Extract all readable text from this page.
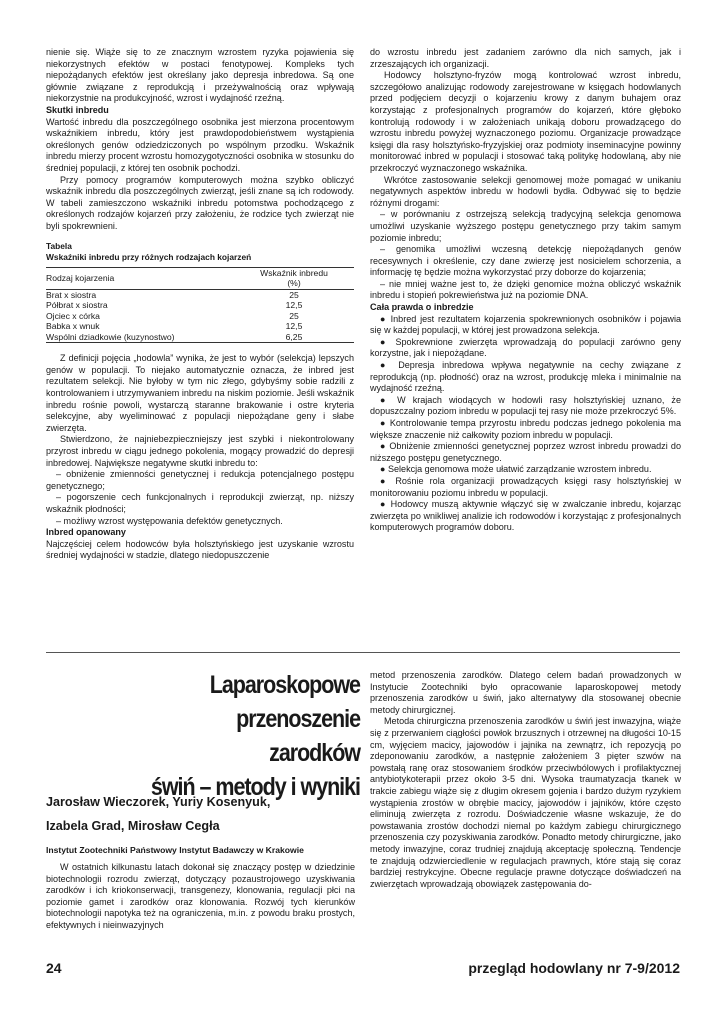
nienie się. Wiąże się to ze znacznym wzrostem ryzyka pojawienia się niekorzystnych efektów w postaci fenotypowej. Kompleks tych niepożądanych efektów jest określany jako depresja inbredowa. Są one głównie związane z reprodukcją i przeżywalnością oraz wpływają niekorzystnie na produkcyjność, wzrost i wydajność rzeźną.

Skutki inbredu

Wartość inbredu dla poszczególnego osobnika jest mierzona procentowym wskaźnikiem inbredu, który jest prawdopodobieństwem wystąpienia określonych genów odziedziczonych po wspólnym przodku. Wskaźnik inbredu mierzy procent wzrostu homozygotyczności osobnika w stosunku do średniej populacji, z której ten osobnik pochodzi.

Przy pomocy programów komputerowych można szybko obliczyć wskaźnik inbredu dla poszczególnych zwierząt, jeśli znane są ich rodowody. W tabeli zamieszczono wskaźniki inbredu potomstwa pochodzącego z określonych rodzajów kojarzeń przy założeniu, że rodzice tych zwierząt nie byli spokrewnieni.

Tabela

Wskaźniki inbredu przy różnych rodzajach kojarzeń

Rodzaj kojarzenia	Wskaźnik inbredu
(%)

Brat x siostra	25
Półbrat x siostra	12,5
Ojciec x córka	25
Babka x wnuk	12,5
Wspólni dziadkowie (kuzynostwo)	6,25

Z definicji pojęcia „hodowla” wynika, że jest to wybór (selekcja) lepszych genów w populacji. To niejako automatycznie oznacza, że inbred jest rezultatem selekcji. Nie byłoby w tym nic złego, gdybyśmy sobie radzili z kontrolowaniem i utrzymywaniem inbredu na niskim poziomie. Jeśli wskaźnik inbredu rośnie powoli, wystarczą staranne brakowanie i ostre kryteria selekcyjne, aby wyeliminować z populacji niepożądane geny i słabe zwierzęta.

Stwierdzono, że najniebezpieczniejszy jest szybki i niekontrolowany przyrost inbredu w ciągu jednego pokolenia, mogący prowadzić do depresji inbredowej. Największe negatywne skutki inbredu to:

– obniżenie zmienności genetycznej i redukcja potencjalnego postępu genetycznego;

– pogorszenie cech funkcjonalnych i reprodukcji zwierząt, np. niższy wskaźnik płodności;

– możliwy wzrost występowania defektów genetycznych.

Inbred opanowany

Najczęściej celem hodowców była holsztyńskiego jest uzyskanie wzrostu średniej wydajności w stadzie, dlatego niedopuszczenie

do wzrostu inbredu jest zadaniem zarówno dla nich samych, jak i zrzeszających ich organizacji.

Hodowcy holsztyno-fryzów mogą kontrolować wzrost inbredu, szczegółowo analizując rodowody zarejestrowane w księgach hodowlanych przed podjęciem decyzji o kojarzeniu krowy z danym buhajem oraz korzystając z profesjonalnych programów do kojarzeń, które głęboko kontrolują rodowody i w założeniach unikają doboru prowadzącego do wzrostu inbredu powyżej wyznaczonego poziomu. Organizacje prowadzące księgi dla rasy holsztyńsko-fryzyjskiej oraz podmioty inseminacyjne powinny monitorować inbred w populacji i stosować taką politykę hodowlaną, aby nie przekroczyć wyznaczonego wskaźnika.

Wkrótce zastosowanie selekcji genomowej może pomagać w unikaniu negatywnych aspektów inbredu w hodowli bydła. Odbywać się to będzie różnymi drogami:

– w porównaniu z ostrzejszą selekcją tradycyjną selekcja genomowa umożliwi uzyskanie wyższego postępu genetycznego przy takim samym poziomie inbredu;

– genomika umożliwi wczesną detekcję niepożądanych genów recesywnych i określenie, czy dane zwierzę jest nosicielem schorzenia, a informację tę będzie można wykorzystać przy doborze do kojarzenia;

– nie mniej ważne jest to, że dzięki genomice można obliczyć wskaźnik inbredu i stopień pokrewieństwa już na poziomie DNA.

Cała prawda o inbredzie

● Inbred jest rezultatem kojarzenia spokrewnionych osobników i pojawia się w każdej populacji, w której jest prowadzona selekcja.

● Spokrewnione zwierzęta wprowadzają do populacji zarówno geny korzystne, jak i niepożądane.

● Depresja inbredowa wpływa negatywnie na cechy związane z reprodukcją (np. płodność) oraz na wzrost, produkcję mleka i minimalnie na wydajność rzeźną.

● W krajach wiodących w hodowli rasy holsztyńskiej uznano, że dopuszczalny poziom inbredu w populacji tej rasy nie może przekroczyć 5%.

● Kontrolowanie tempa przyrostu inbredu podczas jednego pokolenia ma większe znaczenie niż całkowity poziom inbredu w populacji.

● Obniżenie zmienności genetycznej poprzez wzrost inbredu prowadzi do niższego postępu genetycznego.

● Selekcja genomowa może ułatwić zarządzanie wzrostem inbredu.

● Rośnie rola organizacji prowadzących księgi rasy holsztyńskiej w monitorowaniu poziomu inbredu w populacji.

● Hodowcy muszą aktywnie włączyć się w zwalczanie inbredu, kojarząc zwierzęta po wnikliwej analizie ich rodowodów i korzystając z profesjonalnych komputerowych programów doboru.

Laparoskopowe
przenoszenie zarodków
świń – metody i wyniki
Jarosław Wieczorek, Yuriy Kosenyuk,
Izabela Grad, Mirosław Cegła
Instytut Zootechniki Państwowy Instytut Badawczy w Krakowie

W ostatnich kilkunastu latach dokonał się znaczący postęp w dziedzinie biotechnologii rozrodu zwierząt, dotyczący pozaustrojowego uzyskiwania zarodków i ich kriokonserwacji, transgenezy, klonowania, regulacji płci na poziomie gamet i zarodków oraz klonowania. Rozwój tych kierunków biotechnologii napotyka też na ograniczenia, m.in. z powodu braku prostych, efektywnych i nieinwazyjnych

metod przenoszenia zarodków. Dlatego celem badań prowadzonych w Instytucie Zootechniki było opracowanie laparoskopowej metody przenoszenia zarodków u świń, jako alternatywy dla stosowanej obecnie metody chirurgicznej.

Metoda chirurgiczna przenoszenia zarodków u świń jest inwazyjna, wiąże się z przerwaniem ciągłości powłok brzusznych i otrzewnej na długości 10-15 cm, wyjęciem macicy, jajowodów i jajnika na zewnątrz, ich repozycją po zdeponowaniu zarodków, a następnie założeniem 3 pięter szwów na powstałą ranę oraz stosowaniem środków przeciwbólowych i profilaktycznej antybiotykoterapii przez około 3-5 dni. Wysoka traumatyzacja tkanek w trakcie zabiegu wiąże się z długim okresem gojenia i bardzo dużym ryzykiem wystąpienia zrostów w obrębie macicy, jajowodów i jajników, które często eliminują zwierzęta z rozrodu. Doświadczenie własne wskazuje, że do powstawania zrostów dochodzi niemal po każdym zabiegu chirurgicznego przenoszenia czy pozyskiwania zarodków. Ponadto metody chirurgiczne, jako metody inwazyjne, coraz trudniej znajdują akceptację społeczną. Tendencje te znajdują odzwierciedlenie w regulacjach prawnych, które stają się coraz bardziej restrykcyjne. Obecne regulacje prawne dotyczące doświadczeń na zwierzętach wprowadzają obowiązek zastępowania do-

24	przegląd hodowlany nr 7-9/2012
